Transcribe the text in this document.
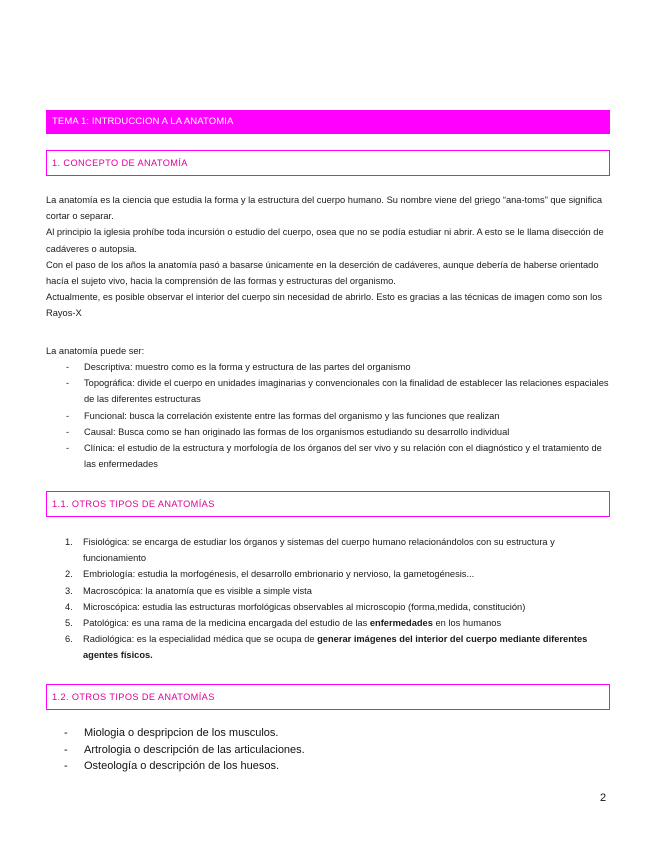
TEMA 1: INTRDUCCION A LA ANATOMIA
1. CONCEPTO DE ANATOMÍA

La anatomía es la ciencia que estudia la forma y la estructura del cuerpo humano. Su nombre viene del griego “ana-toms” que significa cortar o separar.

Al principio la iglesia prohíbe toda incursión o estudio del cuerpo, osea que no se podía estudiar ni abrir. A esto se le llama disección de cadáveres o autopsia.

Con el paso de los años la anatomía pasó a basarse únicamente en la deserción de cadáveres, aunque debería de haberse orientado hacía el sujeto vivo, hacia la comprensión de las formas y estructuras del organismo.

Actualmente, es posible observar el interior del cuerpo sin necesidad de abrirlo. Esto es gracias a las técnicas de imagen como son los Rayos-X

La anatomía puede ser:
- Descriptiva: muestro como es la forma y estructura de las partes del organismo
- Topográfica: divide el cuerpo en unidades imaginarias y convencionales con la finalidad de establecer las relaciones espaciales de las diferentes estructuras
- Funcional: busca la correlación existente entre las formas del organismo y las funciones que realizan
- Causal: Busca como se han originado las formas de los organismos estudiando su desarrollo individual
- Clínica: el estudio de la estructura y morfología de los órganos del ser vivo y su relación con el diagnóstico y el tratamiento de las enfermedades
1.1. OTROS TIPOS DE ANATOMÍAS
1. Fisiológica: se encarga de estudiar los órganos y sistemas del cuerpo humano relacionándolos con su estructura y funcionamiento
2. Embriología: estudia la morfogénesis, el desarrollo embrionario y nervioso, la gametogénesis...
3. Macroscópica: la anatomía que es visible a simple vista
4. Microscópica: estudia las estructuras morfológicas observables al microscopio (forma,medida, constitución)
5. Patológica: es una rama de la medicina encargada del estudio de las enfermedades en los humanos
6. Radiológica: es la especialidad médica que se ocupa de generar imágenes del interior del cuerpo mediante diferentes agentes físicos.
1.2. OTROS TIPOS DE ANATOMÍAS
- Miologia o despripcion de los musculos.
- Artrologia o descripción de las articulaciones.
- Osteología o descripción de los huesos.
2
